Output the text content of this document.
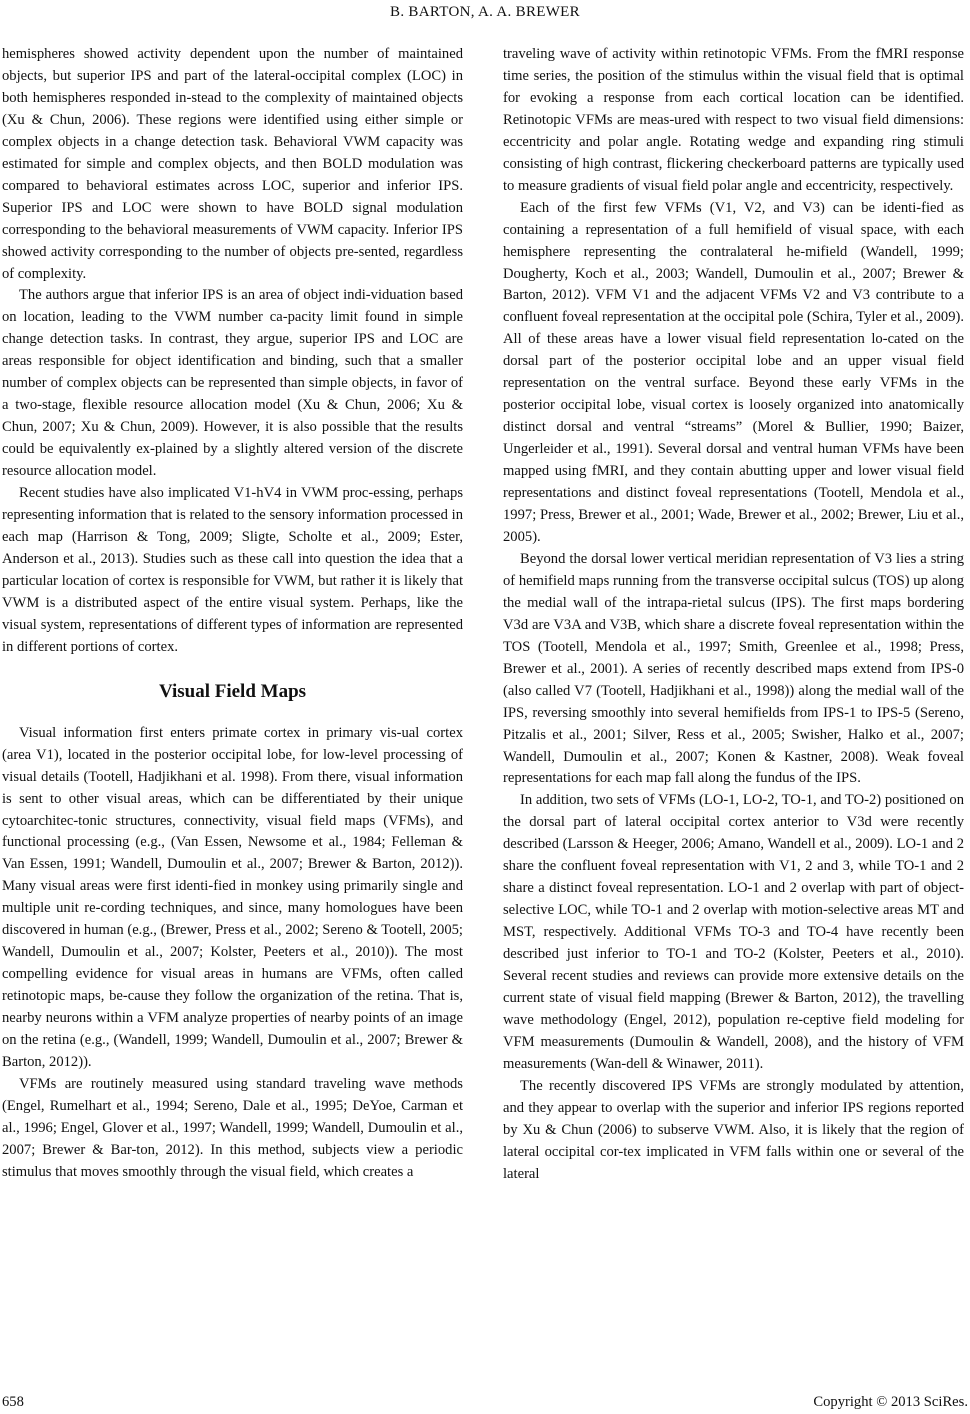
B. BARTON, A. A. BREWER

hemispheres showed activity dependent upon the number of maintained objects, but superior IPS and part of the lateral-occipital complex (LOC) in both hemispheres responded in-stead to the complexity of maintained objects (Xu & Chun, 2006). These regions were identified using either simple or complex objects in a change detection task. Behavioral VWM capacity was estimated for simple and complex objects, and then BOLD modulation was compared to behavioral estimates across LOC, superior and inferior IPS. Superior IPS and LOC were shown to have BOLD signal modulation corresponding to the behavioral measurements of VWM capacity. Inferior IPS showed activity corresponding to the number of objects pre-sented, regardless of complexity.

The authors argue that inferior IPS is an area of object indi-viduation based on location, leading to the VWM number ca-pacity limit found in simple change detection tasks. In contrast, they argue, superior IPS and LOC are areas responsible for object identification and binding, such that a smaller number of complex objects can be represented than simple objects, in favor of a two-stage, flexible resource allocation model (Xu & Chun, 2006; Xu & Chun, 2007; Xu & Chun, 2009). However, it is also possible that the results could be equivalently ex-plained by a slightly altered version of the discrete resource allocation model.

Recent studies have also implicated V1-hV4 in VWM proc-essing, perhaps representing information that is related to the sensory information processed in each map (Harrison & Tong, 2009; Sligte, Scholte et al., 2009; Ester, Anderson et al., 2013). Studies such as these call into question the idea that a particular location of cortex is responsible for VWM, but rather it is likely that VWM is a distributed aspect of the entire visual system. Perhaps, like the visual system, representations of different types of information are represented in different portions of cortex.

Visual Field Maps

Visual information first enters primate cortex in primary vis-ual cortex (area V1), located in the posterior occipital lobe, for low-level processing of visual details (Tootell, Hadjikhani et al. 1998). From there, visual information is sent to other visual areas, which can be differentiated by their unique cytoarchitec-tonic structures, connectivity, visual field maps (VFMs), and functional processing (e.g., (Van Essen, Newsome et al., 1984; Felleman & Van Essen, 1991; Wandell, Dumoulin et al., 2007; Brewer & Barton, 2012)). Many visual areas were first identi-fied in monkey using primarily single and multiple unit re-cording techniques, and since, many homologues have been discovered in human (e.g., (Brewer, Press et al., 2002; Sereno & Tootell, 2005; Wandell, Dumoulin et al., 2007; Kolster, Peeters et al., 2010)). The most compelling evidence for visual areas in humans are VFMs, often called retinotopic maps, be-cause they follow the organization of the retina. That is, nearby neurons within a VFM analyze properties of nearby points of an image on the retina (e.g., (Wandell, 1999; Wandell, Dumoulin et al., 2007; Brewer & Barton, 2012)).

VFMs are routinely measured using standard traveling wave methods (Engel, Rumelhart et al., 1994; Sereno, Dale et al., 1995; DeYoe, Carman et al., 1996; Engel, Glover et al., 1997; Wandell, 1999; Wandell, Dumoulin et al., 2007; Brewer & Bar-ton, 2012). In this method, subjects view a periodic stimulus that moves smoothly through the visual field, which creates a

traveling wave of activity within retinotopic VFMs. From the fMRI response time series, the position of the stimulus within the visual field that is optimal for evoking a response from each cortical location can be identified. Retinotopic VFMs are meas-ured with respect to two visual field dimensions: eccentricity and polar angle. Rotating wedge and expanding ring stimuli consisting of high contrast, flickering checkerboard patterns are typically used to measure gradients of visual field polar angle and eccentricity, respectively.

Each of the first few VFMs (V1, V2, and V3) can be identi-fied as containing a representation of a full hemifield of visual space, with each hemisphere representing the contralateral he-mifield (Wandell, 1999; Dougherty, Koch et al., 2003; Wandell, Dumoulin et al., 2007; Brewer & Barton, 2012). VFM V1 and the adjacent VFMs V2 and V3 contribute to a confluent foveal representation at the occipital pole (Schira, Tyler et al., 2009). All of these areas have a lower visual field representation lo-cated on the dorsal part of the posterior occipital lobe and an upper visual field representation on the ventral surface. Beyond these early VFMs in the posterior occipital lobe, visual cortex is loosely organized into anatomically distinct dorsal and ventral “streams” (Morel & Bullier, 1990; Baizer, Ungerleider et al., 1991). Several dorsal and ventral human VFMs have been mapped using fMRI, and they contain abutting upper and lower visual field representations and distinct foveal representations (Tootell, Mendola et al., 1997; Press, Brewer et al., 2001; Wade, Brewer et al., 2002; Brewer, Liu et al., 2005).

Beyond the dorsal lower vertical meridian representation of V3 lies a string of hemifield maps running from the transverse occipital sulcus (TOS) up along the medial wall of the intrapa-rietal sulcus (IPS). The first maps bordering V3d are V3A and V3B, which share a discrete foveal representation within the TOS (Tootell, Mendola et al., 1997; Smith, Greenlee et al., 1998; Press, Brewer et al., 2001). A series of recently described maps extend from IPS-0 (also called V7 (Tootell, Hadjikhani et al., 1998)) along the medial wall of the IPS, reversing smoothly into several hemifields from IPS-1 to IPS-5 (Sereno, Pitzalis et al., 2001; Silver, Ress et al., 2005; Swisher, Halko et al., 2007; Wandell, Dumoulin et al., 2007; Konen & Kastner, 2008). Weak foveal representations for each map fall along the fundus of the IPS.

In addition, two sets of VFMs (LO-1, LO-2, TO-1, and TO-2) positioned on the dorsal part of lateral occipital cortex anterior to V3d were recently described (Larsson & Heeger, 2006; Amano, Wandell et al., 2009). LO-1 and 2 share the confluent foveal representation with V1, 2 and 3, while TO-1 and 2 share a distinct foveal representation. LO-1 and 2 overlap with part of object-selective LOC, while TO-1 and 2 overlap with motion-selective areas MT and MST, respectively. Additional VFMs TO-3 and TO-4 have recently been described just inferior to TO-1 and TO-2 (Kolster, Peeters et al., 2010). Several recent studies and reviews can provide more extensive details on the current state of visual field mapping (Brewer & Barton, 2012), the travelling wave methodology (Engel, 2012), population re-ceptive field modeling for VFM measurements (Dumoulin & Wandell, 2008), and the history of VFM measurements (Wan-dell & Winawer, 2011).

The recently discovered IPS VFMs are strongly modulated by attention, and they appear to overlap with the superior and inferior IPS regions reported by Xu & Chun (2006) to subserve VWM. Also, it is likely that the region of lateral occipital cor-tex implicated in VFM falls within one or several of the lateral

658	Copyright © 2013 SciRes.
